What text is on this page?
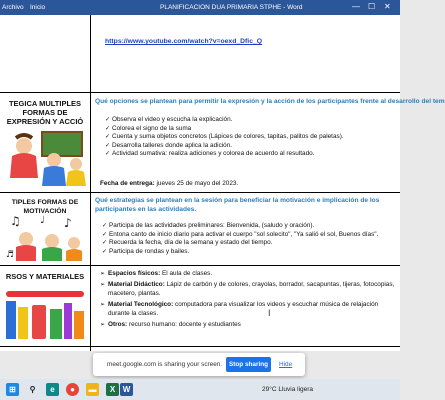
Archivo Inicio	PLANIFICACION DUA PRIMARIA STPHE - Word	— ☐ ✕
https://www.youtube.com/watch?v=oexd_Dfic_Q
TEGICA MULTIPLES FORMAS DE EXPRESIÓN Y ACCIÓ
Qué opciones se plantean para permitir la expresión y la acción de los participantes frente al desarrollo del tem
✓ Observa el video y escucha la explicación.
✓ Colorea el signo de la suma
✓ Cuenta y suma objetos concretos (Lápices de colores, tapitas, palitos de paletas).
✓ Desarrolla talleres donde aplica la adición.
✓ Actividad sumativa: realiza adiciones y colorea de acuerdo al resultado.
Fecha de entrega: jueves 25 de mayo del 2023.
TIPLES FORMAS DE MOTIVACIÓN
♫	♪
♩
♬
Qué estrategias se plantean en la sesión para beneficiar la motivación e implicación de los participantes en las actividades.
✓ Participa de las actividades preliminares: Bienvenida, (saludo y oración).
✓ Entona canto de inicio diario para activar el cuerpo "sol solecito", "Ya salió el sol, Buenos días".
✓ Recuerda la fecha, día de la semana y estado del tiempo.
✓ Participa de rondas y bailes.
RSOS Y MATERIALES
➢	Espacios físicos: El aula de clases.
➢ Material Didáctico: Lápiz de carbón y de colores, crayolas, borrador, sacapuntas, tijeras, fotocopias, macetero, plantas.
➢ Material Tecnológico: computadora para visualizar los videos y escuchar música de relajación durante la clases.
➢ Otros: recurso humano: docente y estudiantes
I
meet.google.com is sharing your screen.	Stop sharing	Hide
⊞	⚲	e	●	▬	X W	29°C Lluvia ligera
